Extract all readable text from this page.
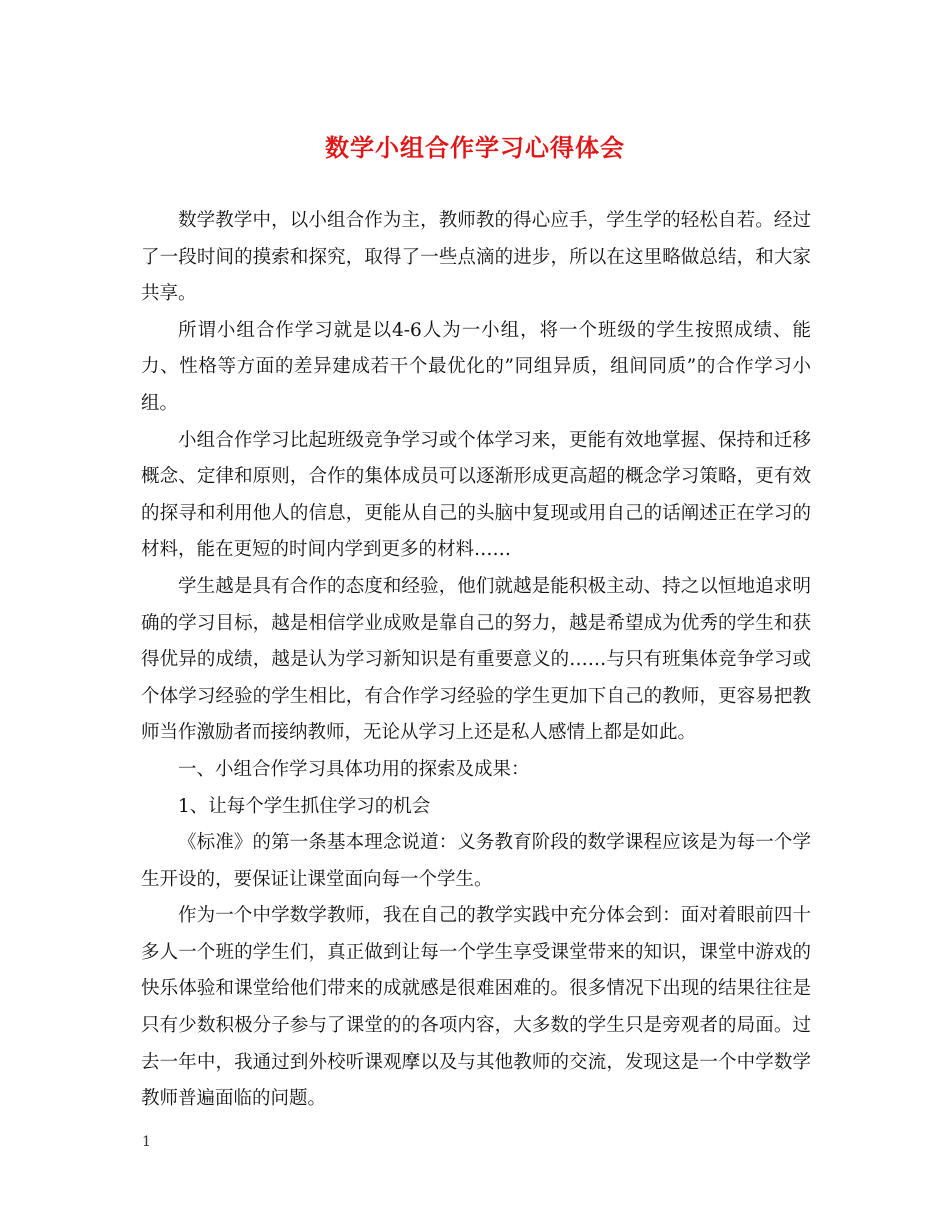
数学小组合作学习心得体会

数学教学中，以小组合作为主，教师教的得心应手，学生学的轻松自若。经过了一段时间的摸索和探究，取得了一些点滴的进步，所以在这里略做总结，和大家共享。

所谓小组合作学习就是以4-6人为一小组，将一个班级的学生按照成绩、能力、性格等方面的差异建成若干个最优化的”同组异质，组间同质”的合作学习小组。

小组合作学习比起班级竞争学习或个体学习来，更能有效地掌握、保持和迁移概念、定律和原则，合作的集体成员可以逐渐形成更高超的概念学习策略，更有效的探寻和利用他人的信息，更能从自己的头脑中复现或用自己的话阐述正在学习的材料，能在更短的时间内学到更多的材料……

学生越是具有合作的态度和经验，他们就越是能积极主动、持之以恒地追求明确的学习目标，越是相信学业成败是靠自己的努力，越是希望成为优秀的学生和获得优异的成绩，越是认为学习新知识是有重要意义的……与只有班集体竞争学习或个体学习经验的学生相比，有合作学习经验的学生更加下自己的教师，更容易把教师当作激励者而接纳教师，无论从学习上还是私人感情上都是如此。

一、小组合作学习具体功用的探索及成果：

1、让每个学生抓住学习的机会

《标准》的第一条基本理念说道：义务教育阶段的数学课程应该是为每一个学生开设的，要保证让课堂面向每一个学生。

作为一个中学数学教师，我在自己的教学实践中充分体会到：面对着眼前四十多人一个班的学生们，真正做到让每一个学生享受课堂带来的知识，课堂中游戏的快乐体验和课堂给他们带来的成就感是很难困难的。很多情况下出现的结果往往是只有少数积极分子参与了课堂的的各项内容，大多数的学生只是旁观者的局面。过去一年中，我通过到外校听课观摩以及与其他教师的交流，发现这是一个中学数学教师普遍面临的问题。

1
